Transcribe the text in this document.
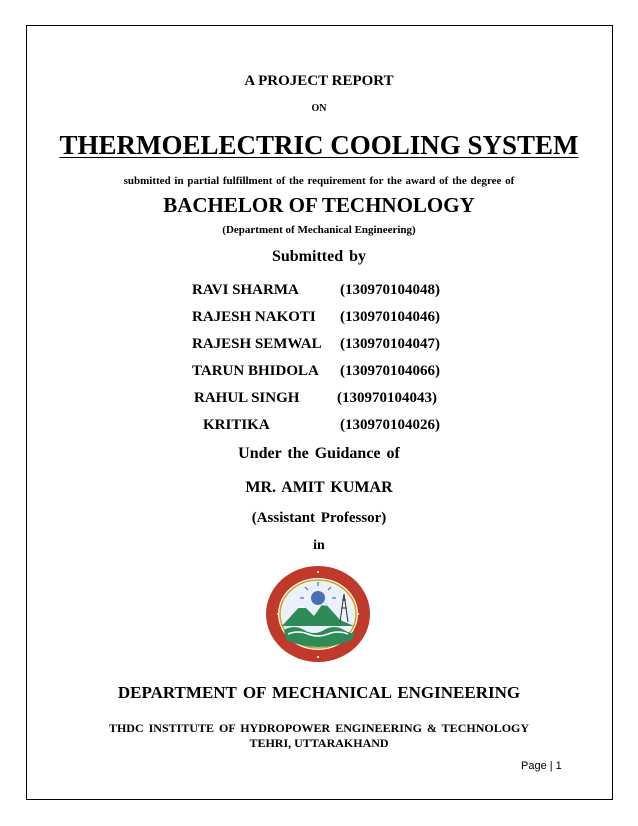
A PROJECT REPORT
ON
THERMOELECTRIC COOLING SYSTEM
submitted in partial fulfillment of the requirement for the award of the degree of
BACHELOR OF TECHNOLOGY
(Department of Mechanical Engineering)
Submitted by
RAVI SHARMA	(130970104048)
RAJESH NAKOTI (130970104046)
RAJESH SEMWAL (130970104047)
TARUN BHIDOLA (130970104066)
RAHUL SINGH	(130970104043)
KRITIKA	(130970104026)
Under the Guidance of
MR. AMIT KUMAR
(Assistant Professor)
in
DEPARTMENT OF MECHANICAL ENGINEERING
THDC INSTITUTE OF HYDROPOWER ENGINEERING & TECHNOLOGY
TEHRI, UTTARAKHAND
Page | 1
